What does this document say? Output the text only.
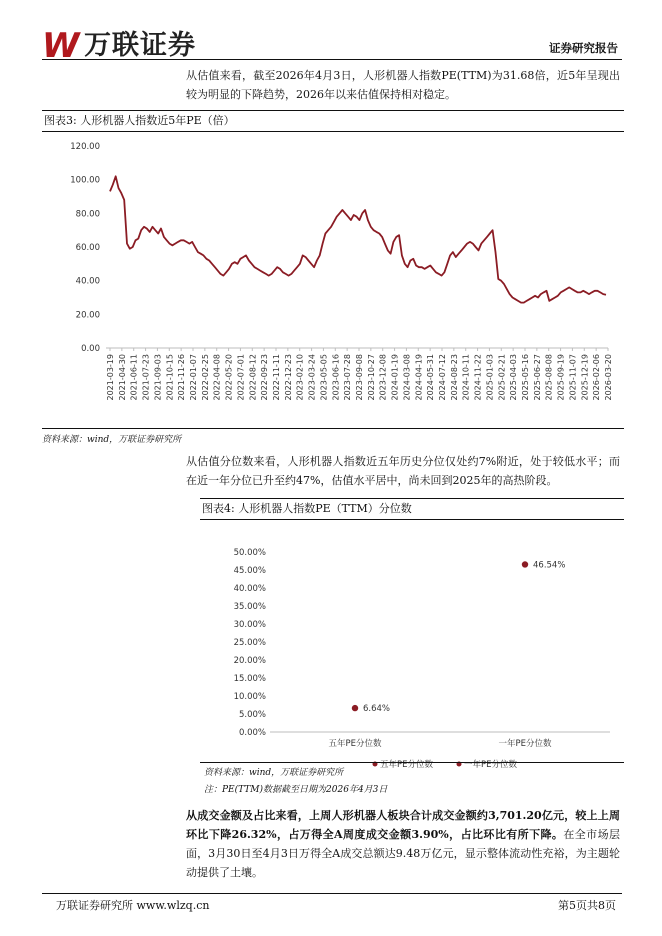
W 万联证券	证券研究报告
从估值来看，截至2026年4月3日，人形机器人指数PE(TTM)为31.68倍，近5年呈现出较为明显的下降趋势，2026年以来估值保持相对稳定。
图表3: 人形机器人指数近5年PE（倍）
0.00
20.00
40.00
60.00
80.00
100.00
120.00
2021-03-19 2021-04-30 2021-06-11 2021-07-23 2021-09-03 2021-10-15 2021-11-26 2022-01-07 2022-02-25 2022-04-08 2022-05-20 2022-07-01 2022-08-12 2022-09-23 2022-11-11 2022-12-23 2023-02-10 2023-03-24 2023-05-05 2023-06-16 2023-07-28 2023-09-08 2023-10-27 2023-12-08 2024-01-19 2024-03-08 2024-04-19 2024-05-31 2024-07-12 2024-08-23 2024-10-11 2024-11-22 2025-01-03 2025-02-21 2025-04-03 2025-05-16 2025-06-27 2025-08-08 2025-09-19 2025-11-07 2025-12-19 2026-02-06 2026-03-20
资料来源：wind，万联证券研究所
从估值分位数来看，人形机器人指数近五年历史分位仅处约7%附近，处于较低水平；而在近一年分位已升至约47%，估值水平居中，尚未回到2025年的高热阶段。
图表4: 人形机器人指数PE（TTM）分位数
0.00%
5.00%
10.00%
15.00%
20.00%
25.00%
30.00%
35.00%
40.00%
45.00%
50.00%
五年PE分位数	一年PE分位数
6.64%
46.54%
五年PE分位数	一年PE分位数
资料来源：wind，万联证券研究所
注：PE(TTM)数据截至日期为2026年4月3日
从成交金额及占比来看，上周人形机器人板块合计成交金额约3,701.20亿元，较上上周环比下降26.32%，占万得全A周度成交金额3.90%，占比环比有所下降。在全市场层面，3月30日至4月3日万得全A成交总额达9.48万亿元，显示整体流动性充裕，为主题轮动提供了土壤。
万联证券研究所 www.wlzq.cn	第5页共8页
